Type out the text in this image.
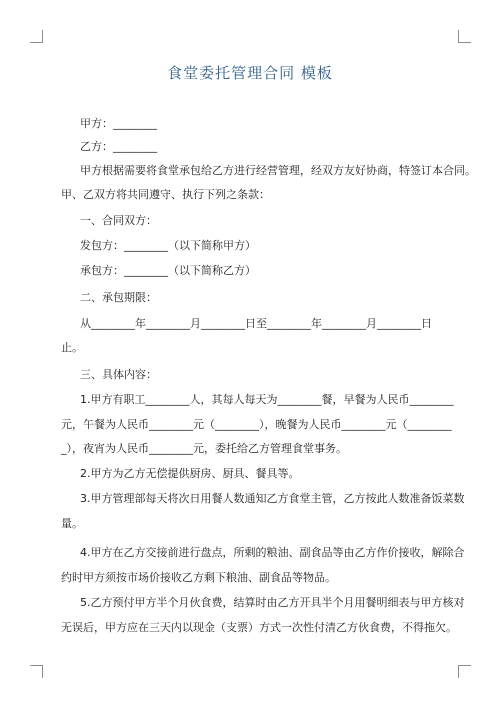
食堂委托管理合同 模板
甲方：________
乙方：________
甲方根据需要将食堂承包给乙方进行经营管理，经双方友好协商，特签订本合同。
甲、乙双方将共同遵守、执行下列之条款：
一、合同双方：
发包方：________（以下简称甲方）
承包方：________（以下简称乙方）
二、承包期限：
从________年________月________日至________年________月________日
止。
三、具体内容：
1.甲方有职工________人，其每人每天为________餐，早餐为人民币________
元，午餐为人民币________元（________），晚餐为人民币________元（________
_），夜宵为人民币________元，委托给乙方管理食堂事务。
2.甲方为乙方无偿提供厨房、厨具、餐具等。
3.甲方管理部每天将次日用餐人数通知乙方食堂主管，乙方按此人数准备饭菜数
量。
4.甲方在乙方交接前进行盘点，所剩的粮油、副食品等由乙方作价接收，解除合
约时甲方须按市场价接收乙方剩下粮油、副食品等物品。
5.乙方预付甲方半个月伙食费，结算时由乙方开具半个月用餐明细表与甲方核对
无误后，甲方应在三天内以现金（支票）方式一次性付清乙方伙食费，不得拖欠。
